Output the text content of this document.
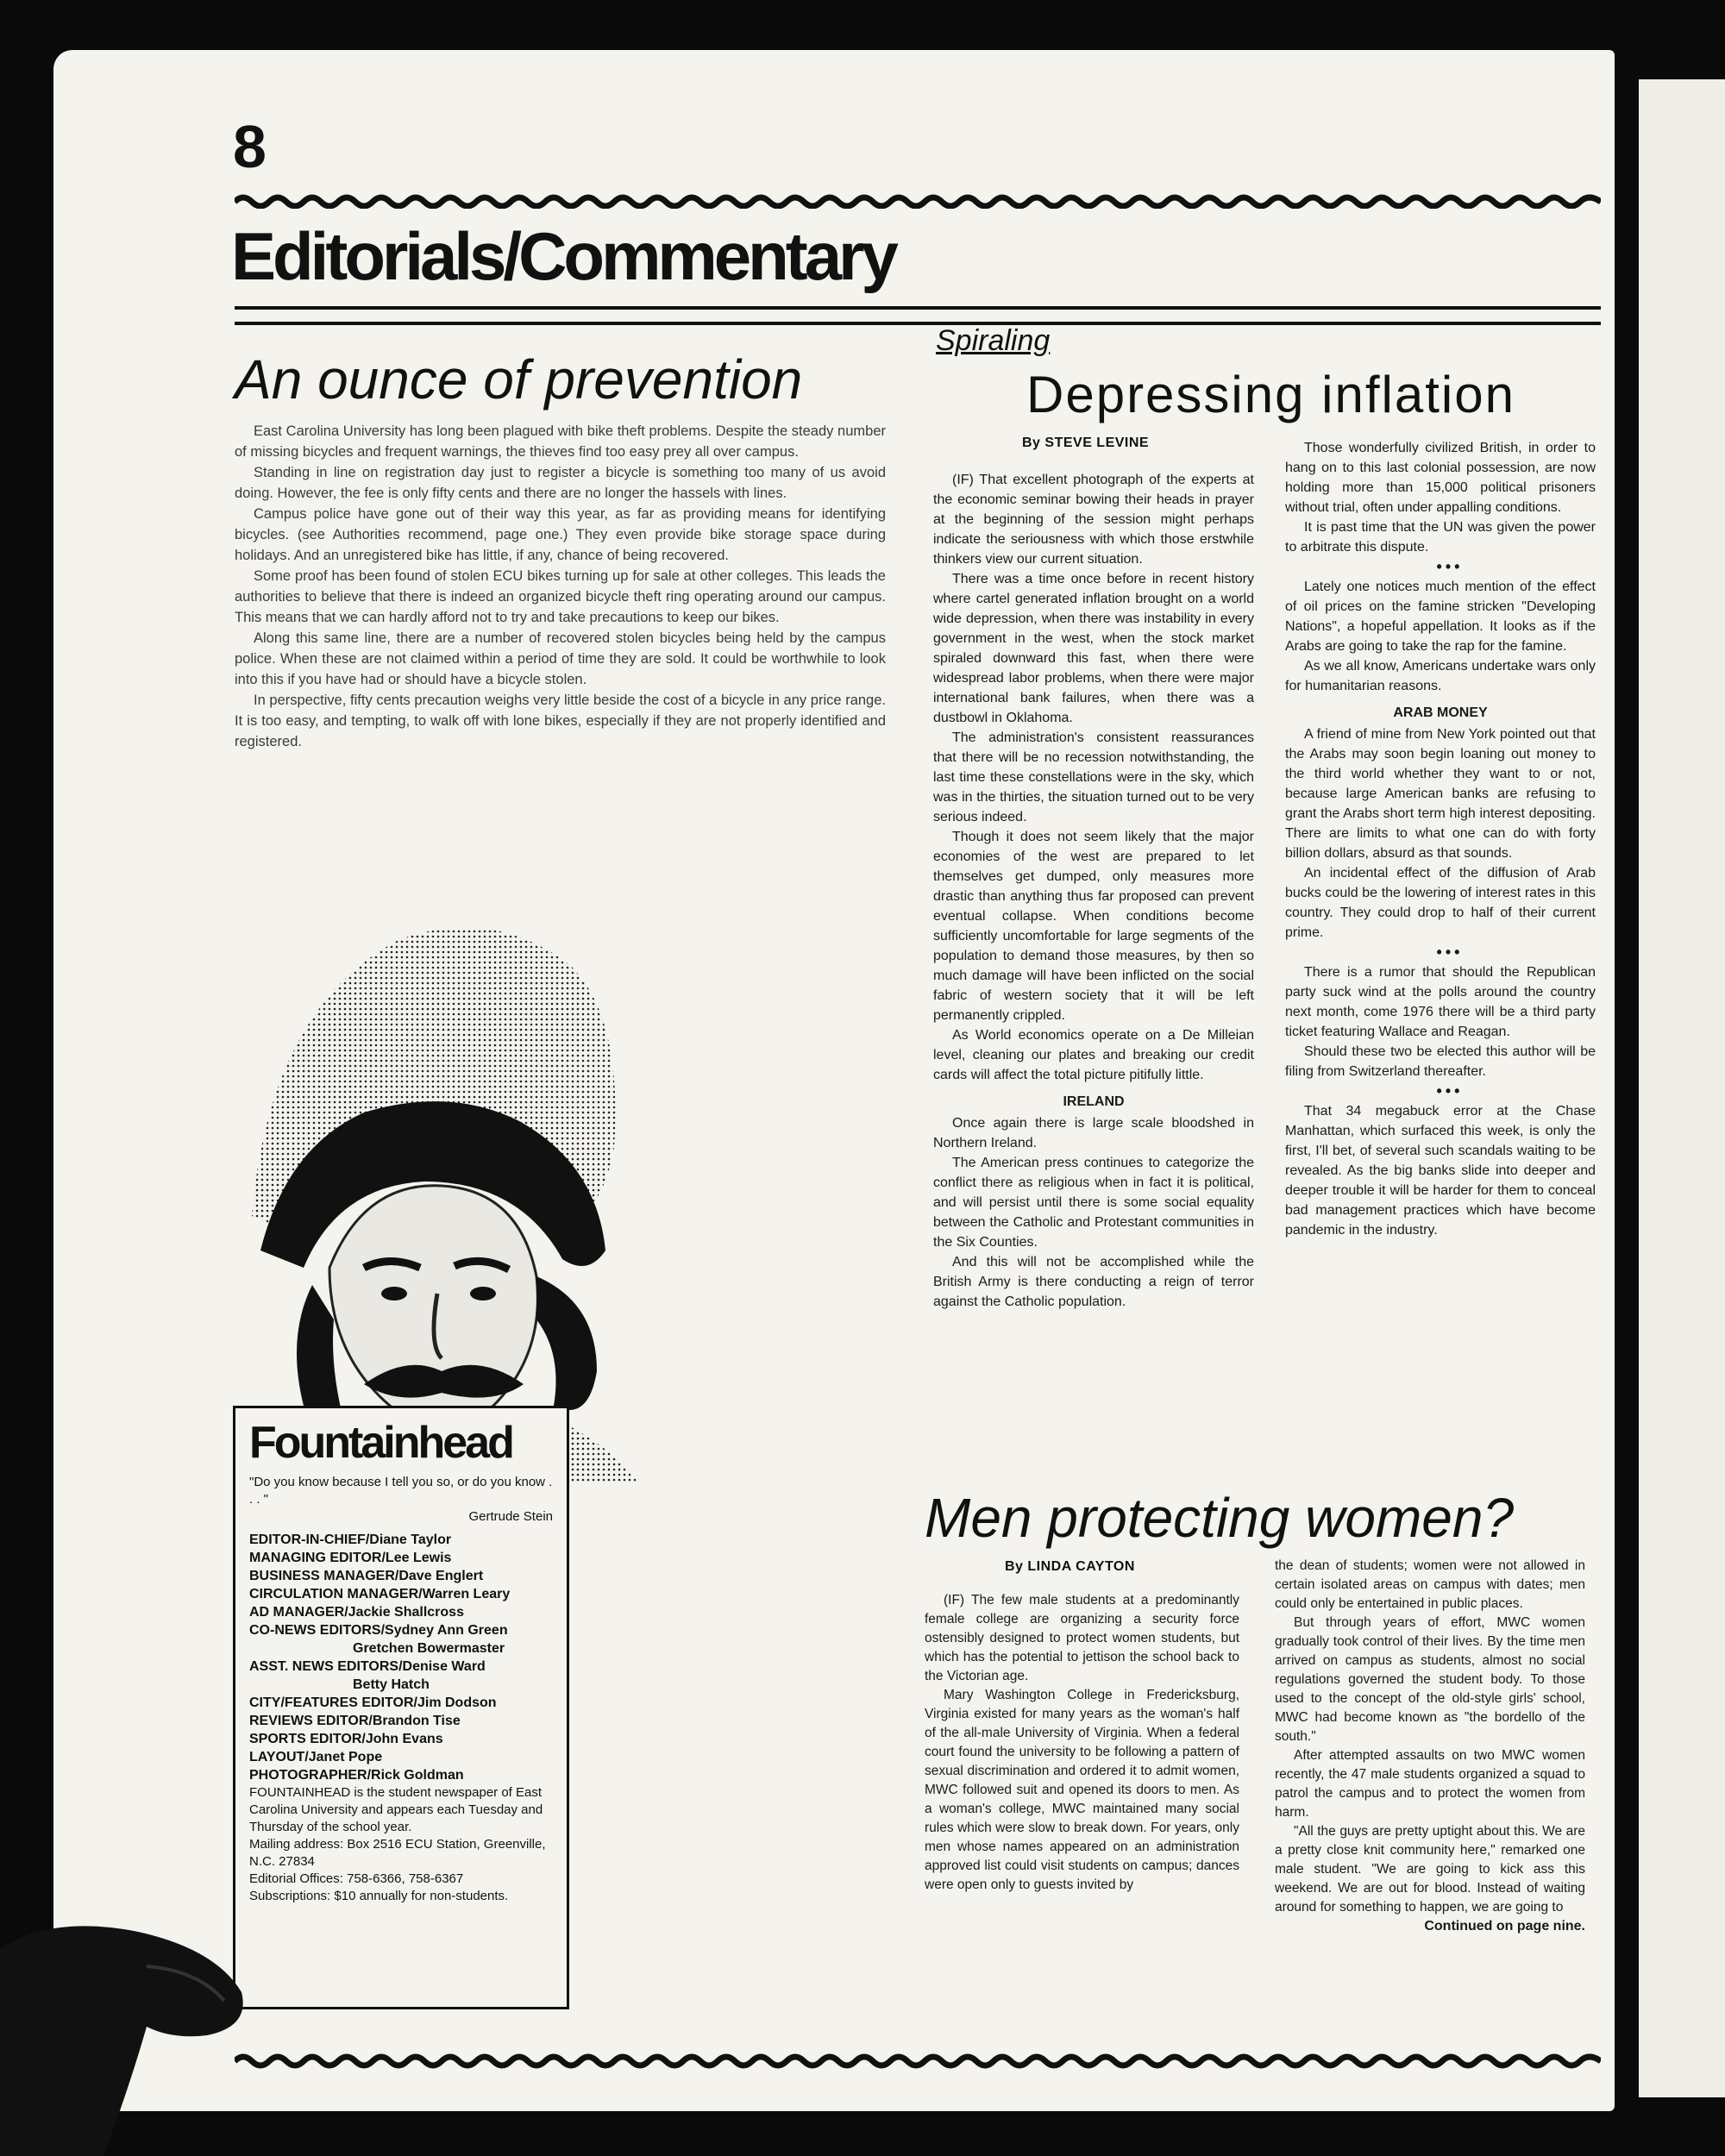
8
Editorials/Commentary
An ounce of prevention

East Carolina University has long been plagued with bike theft problems. Despite the steady number of missing bicycles and frequent warnings, the thieves find too easy prey all over campus.

Standing in line on registration day just to register a bicycle is something too many of us avoid doing. However, the fee is only fifty cents and there are no longer the hassels with lines.

Campus police have gone out of their way this year, as far as providing means for identifying bicycles. (see Authorities recommend, page one.) They even provide bike storage space during holidays. And an unregistered bike has little, if any, chance of being recovered.

Some proof has been found of stolen ECU bikes turning up for sale at other colleges. This leads the authorities to believe that there is indeed an organized bicycle theft ring operating around our campus. This means that we can hardly afford not to try and take precautions to keep our bikes.

Along this same line, there are a number of recovered stolen bicycles being held by the campus police. When these are not claimed within a period of time they are sold. It could be worthwhile to look into this if you have had or should have a bicycle stolen.

In perspective, fifty cents precaution weighs very little beside the cost of a bicycle in any price range. It is too easy, and tempting, to walk off with lone bikes, especially if they are not properly identified and registered.

Fountainhead
"Do you know because I tell you so, or do you know . . . "
Gertrude Stein
EDITOR-IN-CHIEF/Diane Taylor
MANAGING EDITOR/Lee Lewis
BUSINESS MANAGER/Dave Englert
CIRCULATION MANAGER/Warren Leary
AD MANAGER/Jackie Shallcross
CO-NEWS EDITORS/Sydney Ann Green
Gretchen Bowermaster
ASST. NEWS EDITORS/Denise Ward
Betty Hatch
CITY/FEATURES EDITOR/Jim Dodson
REVIEWS EDITOR/Brandon Tise
SPORTS EDITOR/John Evans
LAYOUT/Janet Pope
PHOTOGRAPHER/Rick Goldman
FOUNTAINHEAD is the student newspaper of East Carolina University and appears each Tuesday and Thursday of the school year.
Mailing address: Box 2516 ECU Station, Greenville, N.C. 27834
Editorial Offices: 758-6366, 758-6367
Subscriptions: $10 annually for non-students.
Spiraling
Depressing inflation
By STEVE LEVINE

(IF) That excellent photograph of the experts at the economic seminar bowing their heads in prayer at the beginning of the session might perhaps indicate the seriousness with which those erstwhile thinkers view our current situation.

There was a time once before in recent history where cartel generated inflation brought on a world wide depression, when there was instability in every government in the west, when the stock market spiraled downward this fast, when there were widespread labor problems, when there were major international bank failures, when there was a dustbowl in Oklahoma.

The administration's consistent reassurances that there will be no recession notwithstanding, the last time these constellations were in the sky, which was in the thirties, the situation turned out to be very serious indeed.

Though it does not seem likely that the major economies of the west are prepared to let themselves get dumped, only measures more drastic than anything thus far proposed can prevent eventual collapse. When conditions become sufficiently uncomfortable for large segments of the population to demand those measures, by then so much damage will have been inflicted on the social fabric of western society that it will be left permanently crippled.

As World economics operate on a De Milleian level, cleaning our plates and breaking our credit cards will affect the total picture pitifully little.

IRELAND

Once again there is large scale bloodshed in Northern Ireland.

The American press continues to categorize the conflict there as religious when in fact it is political, and will persist until there is some social equality between the Catholic and Protestant communities in the Six Counties.

And this will not be accomplished while the British Army is there conducting a reign of terror against the Catholic population.

Those wonderfully civilized British, in order to hang on to this last colonial possession, are now holding more than 15,000 political prisoners without trial, often under appalling conditions.

It is past time that the UN was given the power to arbitrate this dispute.

•••

Lately one notices much mention of the effect of oil prices on the famine stricken "Developing Nations", a hopeful appellation. It looks as if the Arabs are going to take the rap for the famine.

As we all know, Americans undertake wars only for humanitarian reasons.

ARAB MONEY

A friend of mine from New York pointed out that the Arabs may soon begin loaning out money to the third world whether they want to or not, because large American banks are refusing to grant the Arabs short term high interest depositing. There are limits to what one can do with forty billion dollars, absurd as that sounds.

An incidental effect of the diffusion of Arab bucks could be the lowering of interest rates in this country. They could drop to half of their current prime.

•••

There is a rumor that should the Republican party suck wind at the polls around the country next month, come 1976 there will be a third party ticket featuring Wallace and Reagan.

Should these two be elected this author will be filing from Switzerland thereafter.

•••

That 34 megabuck error at the Chase Manhattan, which surfaced this week, is only the first, I'll bet, of several such scandals waiting to be revealed. As the big banks slide into deeper and deeper trouble it will be harder for them to conceal bad management practices which have become pandemic in the industry.

Men protecting women?
By LINDA CAYTON

(IF) The few male students at a predominantly female college are organizing a security force ostensibly designed to protect women students, but which has the potential to jettison the school back to the Victorian age.

Mary Washington College in Fredericksburg, Virginia existed for many years as the woman's half of the all-male University of Virginia. When a federal court found the university to be following a pattern of sexual discrimination and ordered it to admit women, MWC followed suit and opened its doors to men. As a woman's college, MWC maintained many social rules which were slow to break down. For years, only men whose names appeared on an administration approved list could visit students on campus; dances were open only to guests invited by

the dean of students; women were not allowed in certain isolated areas on campus with dates; men could only be entertained in public places.

But through years of effort, MWC women gradually took control of their lives. By the time men arrived on campus as students, almost no social regulations governed the student body. To those used to the concept of the old-style girls' school, MWC had become known as "the bordello of the south."

After attempted assaults on two MWC women recently, the 47 male students organized a squad to patrol the campus and to protect the women from harm.

"All the guys are pretty uptight about this. We are a pretty close knit community here," remarked one male student. "We are going to kick ass this weekend. We are out for blood. Instead of waiting around for something to happen, we are going to

Continued on page nine.
